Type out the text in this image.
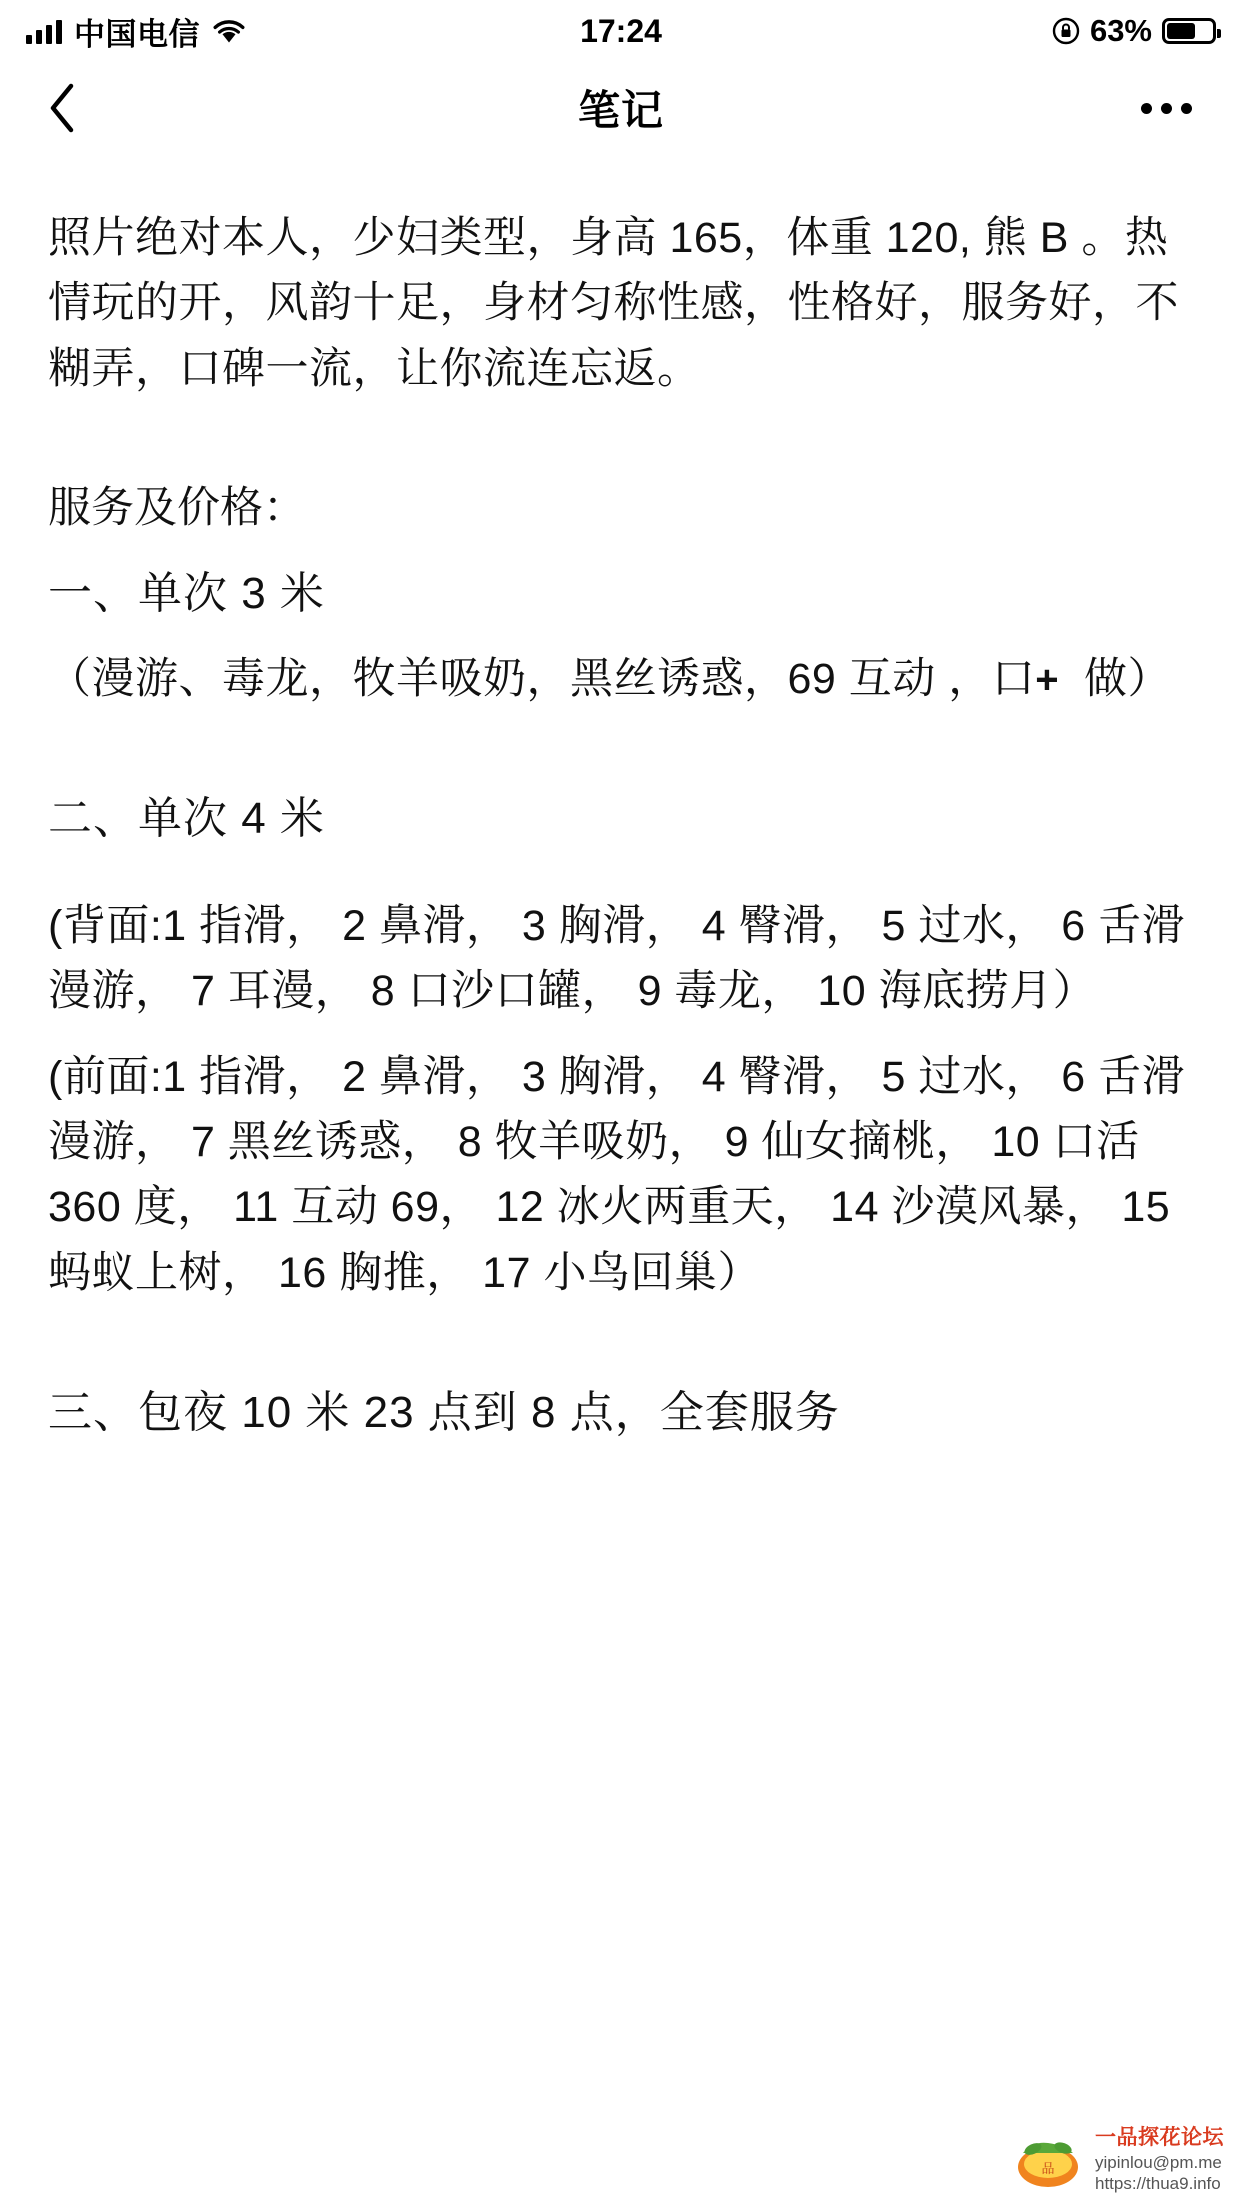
中国电信	17:24	63%
笔记
照片绝对本人，少妇类型，身高 165，体重 120, 熊 B 。热情玩的开，风韵十足，身材匀称性感，性格好，服务好，不糊弄，口碑一流，让你流连忘返。
服务及价格：
一、单次 3 米
（漫游、毒龙，牧羊吸奶，黑丝诱惑，69 互动 ，口+ 做）
二、单次 4 米
(背面:1 指滑， 2 鼻滑， 3 胸滑， 4 臀滑， 5 过水， 6 舌滑漫游， 7 耳漫， 8 口沙口罐， 9 毒龙， 10 海底捞月）
(前面:1 指滑， 2 鼻滑， 3 胸滑， 4 臀滑， 5 过水， 6 舌滑漫游， 7 黑丝诱惑， 8 牧羊吸奶， 9 仙女摘桃， 10 口活 360 度， 11 互动 69， 12 冰火两重天， 14 沙漠风暴， 15 蚂蚁上树， 16 胸推， 17 小鸟回巢）
三、包夜 10 米 23 点到 8 点，全套服务
品
一品探花论坛
yipinlou@pm.me
https://thua9.info
